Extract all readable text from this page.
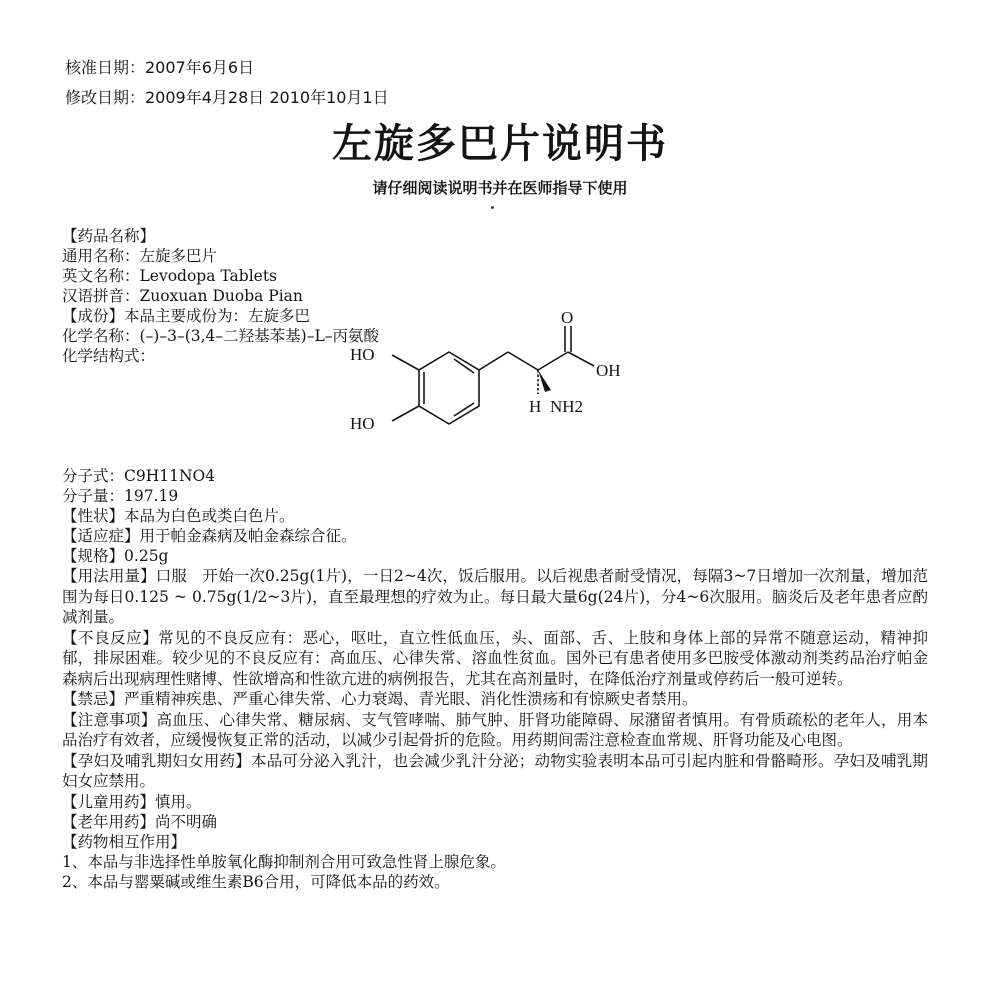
核准日期：2007年6月6日
修改日期：2009年4月28日 2010年10月1日
左旋多巴片说明书
请仔细阅读说明书并在医师指导下使用
【 药品名称 】
通用名称：左旋多巴片
英文名称：Levodopa Tablets
汉语拼音：Zuoxuan Duoba Pian
【 成份 】 本品主要成份为：左旋多巴
化学名称：(–)–3–(3,4–二羟基苯基)–L–丙氨酸
化学结构式：	HO
HO
O
OH
H NH2
分子式：C9H11NO4
分子量：197.19
【 性状 】 本品为白色或类白色片。
【 适应症 】 用于帕金森病及帕金森综合征。
【 规格 】 0.25g
【 用法用量 】 口服　开始一次0.25g(1片)，一日2~4次，饭后服用。以后视患者耐受情况，每隔3~7日增加一次剂量，增加范围为每日0.125 ~ 0.75g(1/2~3片)，直至最理想的疗效为止。每日最大量6g(24片)，分4~6次服用。脑炎后及老年患者应酌减剂量。
【 不良反应 】 常见的不良反应有：恶心，呕吐，直立性低血压，头、面部、舌、上肢和身体上部的异常不随意运动，精神抑郁，排尿困难。较少见的不良反应有：高血压、心律失常、溶血性贫血。国外已有患者使用多巴胺受体激动剂类药品治疗帕金森病后出现病理性赌博、性欲增高和性欲亢进的病例报告，尤其在高剂量时，在降低治疗剂量或停药后一般可逆转。
【 禁忌 】 严重精神疾患、严重心律失常、心力衰竭、青光眼、消化性溃疡和有惊厥史者禁用。
【 注意事项 】 高血压、心律失常、糖尿病、支气管哮喘、肺气肿、肝肾功能障碍、尿潴留者慎用。有骨质疏松的老年人，用本品治疗有效者，应缓慢恢复正常的活动，以减少引起骨折的危险。用药期间需注意检查血常规、肝肾功能及心电图。
【 孕妇及哺乳期妇女用药 】 本品可分泌入乳汁，也会减少乳汁分泌；动物实验表明本品可引起内脏和骨骼畸形。孕妇及哺乳期妇女应禁用。
【 儿童用药 】 慎用。
【 老年用药 】 尚不明确
【 药物相互作用 】
1、本品与非选择性单胺氧化酶抑制剂合用可致急性肾上腺危象。
2、本品与罂粟碱或维生素B6合用，可降低本品的药效。
